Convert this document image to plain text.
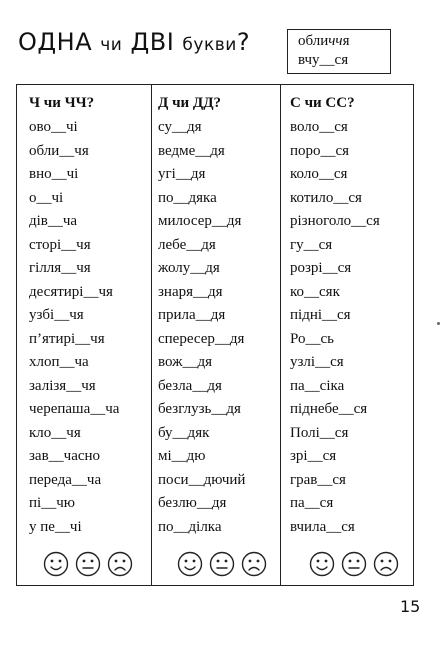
ОДНА чи ДВІ букви?	обличчя
вчу__ся
Ч чи ЧЧ?
ово__чі
обли__чя
вно__чі
о__чі
дів__ча
сторі__чя
гілля__чя
десятирі__чя
узбі__чя
п’ятирі__чя
хлоп__ча
залізя__чя
черепаша__ча
кло__чя
зав__часно
переда__ча
пі__чю
у пе__чі
Д чи ДД?
су__дя
ведме__дя
угі__дя
по__дяка
милосер__дя
лебе__дя
жолу__дя
знаря__дя
прила__дя
спересер__дя
вож__дя
безла__дя
безглузь__дя
бу__дяк
мі__дю
поси__дючий
безлю__дя
по__ділка
С чи СС?
воло__ся
поро__ся
коло__ся
котило__ся
різноголо__ся
гу__ся
розрі__ся
ко__сяк
підні__ся
Ро__сь
узлі__ся
па__сіка
піднебе__ся
Полі__ся
зрі__ся
грав__ся
па__ся
вчила__ся
15
